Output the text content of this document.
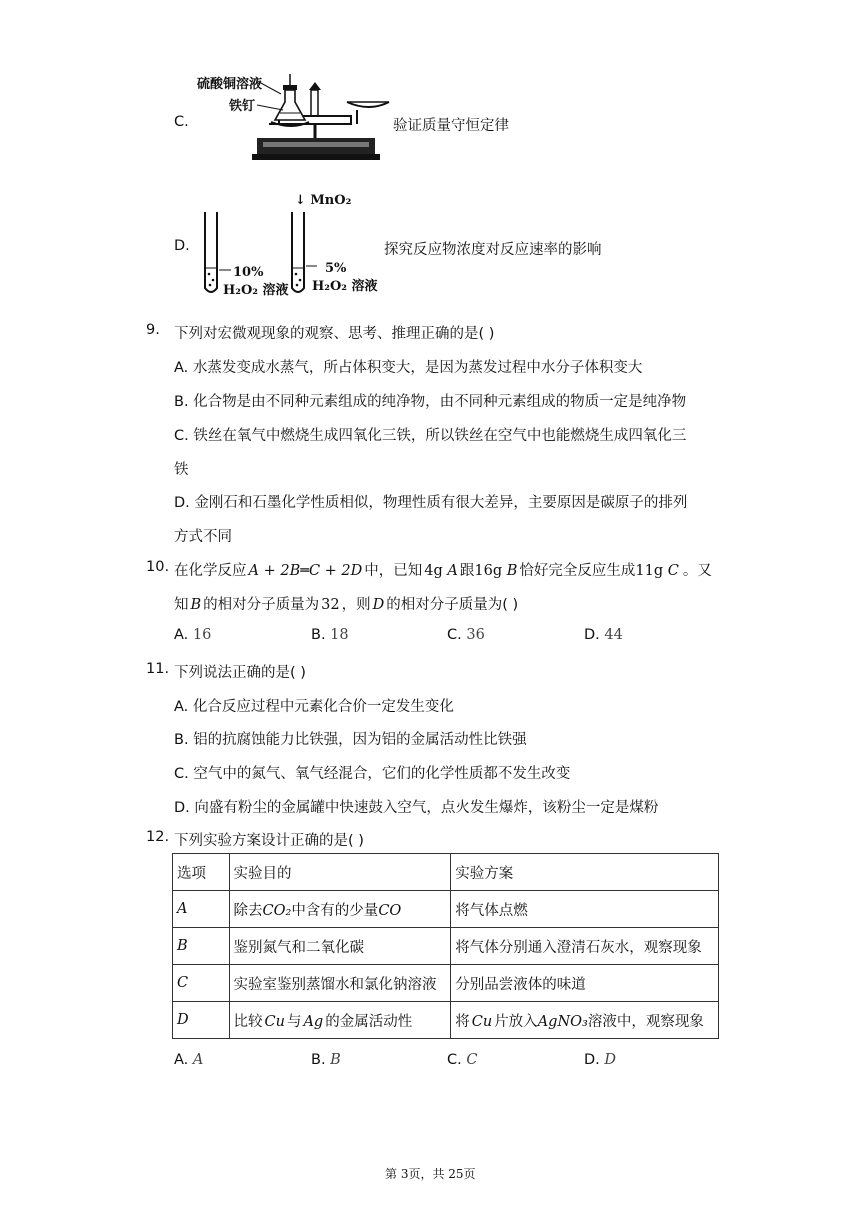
C.
硫酸铜溶液
铁钉
验证质量守恒定律
D.
↓ MnO₂
10%
H₂O₂ 溶液
5%
H₂O₂ 溶液
探究反应物浓度对反应速率的影响
9. 下列对宏微观现象的观察、思考、推理正确的是( )
A. 水蒸发变成水蒸气，所占体积变大，是因为蒸发过程中水分子体积变大
B. 化合物是由不同种元素组成的纯净物，由不同种元素组成的物质一定是纯净物
C. 铁丝在氧气中燃烧生成四氧化三铁，所以铁丝在空气中也能燃烧生成四氧化三
铁
D. 金刚石和石墨化学性质相似，物理性质有很大差异，主要原因是碳原子的排列
方式不同
10. 在化学反应 A + 2B═C + 2D 中，已知 4g A 跟16g B 恰好完全反应生成11g C 。又
知 B 的相对分子质量为 32 ，则 D 的相对分子质量为( )
A. 16	B. 18	C. 36	D. 44
11. 下列说法正确的是( )
A. 化合反应过程中元素化合价一定发生变化
B. 铝的抗腐蚀能力比铁强，因为铝的金属活动性比铁强
C. 空气中的氮气、氧气经混合，它们的化学性质都不发生改变
D. 向盛有粉尘的金属罐中快速鼓入空气，点火发生爆炸，该粉尘一定是煤粉
12. 下列实验方案设计正确的是( )
选项	实验目的	实验方案
A	除去CO₂中含有的少量CO	将气体点燃
B	鉴别氮气和二氧化碳	将气体分别通入澄清石灰水，观察现象
C	实验室鉴别蒸馏水和氯化钠溶液	分别品尝液体的味道
D	比较 Cu 与 Ag 的金属活动性	将 Cu 片放入AgNO₃溶液中，观察现象
A. A	B. B	C. C	D. D
第 3页，共 25页
